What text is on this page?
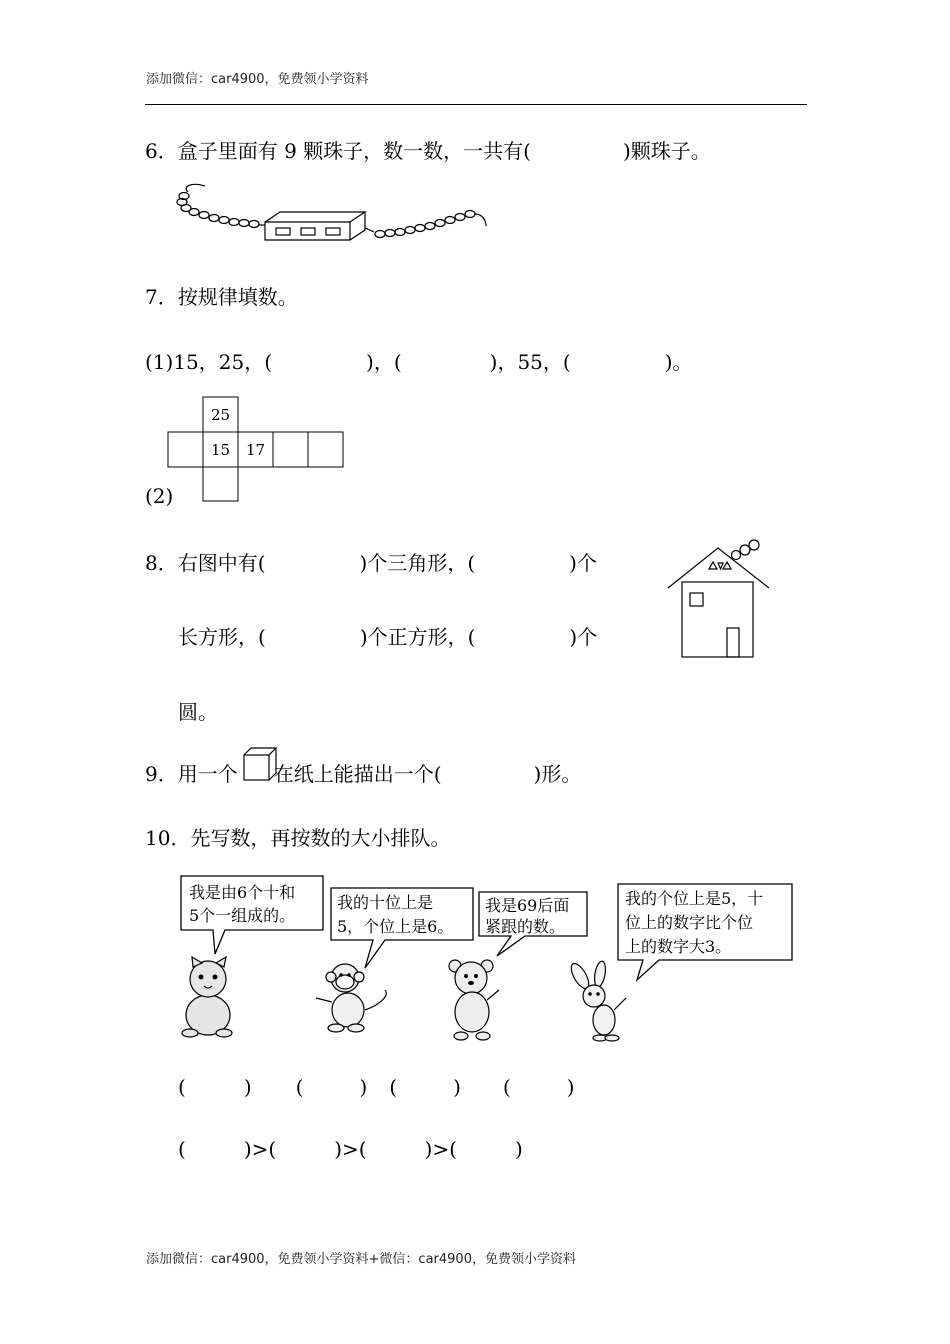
添加微信：car4900，免费领小学资料
6．盒子里面有 9 颗珠子，数一数，一共有(	)颗珠子。
7．按规律填数。
(1)15，25，(	)，(	)，55，(	)。
25
15 17
(2)
8．右图中有(	)个三角形，(	)个
长方形，(	)个正方形，(	)个
圆。
9．用一个 在纸上能描出一个(	)形。
10．先写数，再按数的大小排队。
我是由6个十和
5个一组成的。
我的十位上是
5，个位上是6。
我是69后面
紧跟的数。
我的个位上是5，十
位上的数字比个位
上的数字大3。
(	) (	) (	) (	)
(	)>(	)>(	)>(	)
添加微信：car4900，免费领小学资料+微信：car4900，免费领小学资料
